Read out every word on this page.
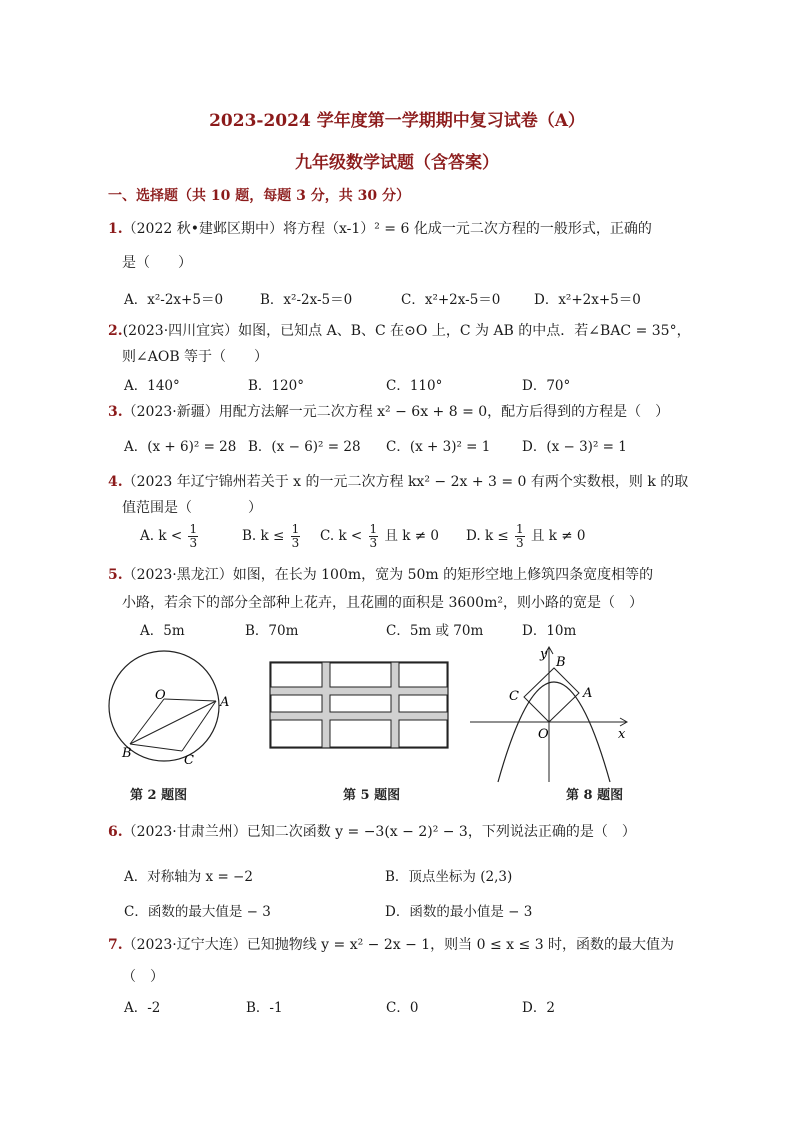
2023-2024 学年度第一学期期中复习试卷（A）
九年级数学试题（含答案）
一、选择题（共 10 题，每题 3 分，共 30 分）
1.（2022 秋•建邺区期中）将方程（x-1）² = 6 化成一元二次方程的一般形式，正确的
是（　　）
A．x²-2x+5＝0	B．x²-2x-5＝0	C．x²+2x-5＝0 D．x²+2x+5＝0
2.(2023·四川宜宾）如图，已知点 A、B、C 在⊙O 上，C 为 AB 的中点．若∠BAC = 35°，
则∠AOB 等于（　　）
A．140°	B．120°	C．110°	D．70°
3.（2023·新疆）用配方法解一元二次方程 x² − 6x + 8 = 0，配方后得到的方程是（　）
A．(x + 6)² = 28 B．(x − 6)² = 28 C．(x + 3)² = 1 D．(x − 3)² = 1
4.（2023 年辽宁锦州若关于 x 的一元二次方程 kx² − 2x + 3 = 0 有两个实数根，则 k 的取
值范围是（　　　　）
A. $k < \frac{1}{3}$	B. $k \le \frac{1}{3} C$. $k < \frac{1}{3}$ 且 k ≠ 0 D. $k \le \frac{1}{3}$ 且 k ≠ 0
5.（2023·黑龙江）如图，在长为 100m，宽为 50m 的矩形空地上修筑四条宽度相等的
小路，若余下的部分全部种上花卉，且花圃的面积是 3600m²，则小路的宽是（　）
A．5m	B．70m	C．5m 或 70m	D．10m
O	A
B	C
第 2 题图	第 5 题图
y
x
B
A
C
O
第 8 题图
6.（2023·甘肃兰州）已知二次函数 y = −3(x − 2)² − 3，下列说法正确的是（　）
A．对称轴为 x = −2	B．顶点坐标为 (2,3)
C．函数的最大值是 − 3	D．函数的最小值是 − 3
7.（2023·辽宁大连）已知抛物线 y = x² − 2x − 1，则当 0 ≤ x ≤ 3 时，函数的最大值为
（　）
A．-2	B．-1	C．0	D．2
